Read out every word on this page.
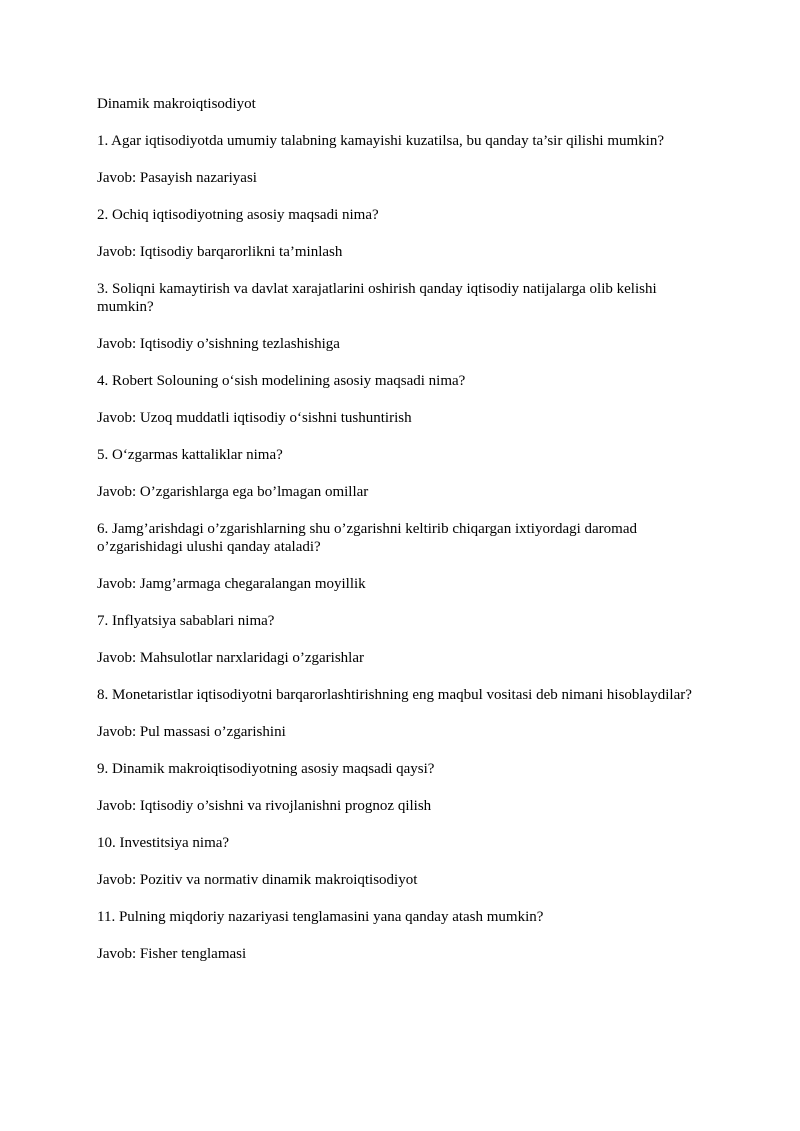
Dinamik makroiqtisodiyot

1. Agar iqtisodiyotda umumiy talabning kamayishi kuzatilsa, bu qanday ta’sir qilishi mumkin?

Javob: Pasayish nazariyasi

2. Ochiq iqtisodiyotning asosiy maqsadi nima?

Javob: Iqtisodiy barqarorlikni ta’minlash

3. Soliqni kamaytirish va davlat xarajatlarini oshirish qanday iqtisodiy natijalarga olib kelishi mumkin?

Javob: Iqtisodiy o’sishning tezlashishiga

4. Robert Solouning o‘sish modelining asosiy maqsadi nima?

Javob: Uzoq muddatli iqtisodiy o‘sishni tushuntirish

5. O‘zgarmas kattaliklar nima?

Javob: O’zgarishlarga ega bo’lmagan omillar

6. Jamg’arishdagi o’zgarishlarning shu o’zgarishni keltirib chiqargan ixtiyordagi daromad o’zgarishidagi ulushi qanday ataladi?

Javob: Jamg’armaga chegaralangan moyillik

7. Inflyatsiya sabablari nima?

Javob: Mahsulotlar narxlaridagi o’zgarishlar

8. Monetaristlar iqtisodiyotni barqarorlashtirishning eng maqbul vositasi deb nimani hisoblaydilar?

Javob: Pul massasi o’zgarishini

9. Dinamik makroiqtisodiyotning asosiy maqsadi qaysi?

Javob: Iqtisodiy o’sishni va rivojlanishni prognoz qilish

10. Investitsiya nima?

Javob: Pozitiv va normativ dinamik makroiqtisodiyot

11. Pulning miqdoriy nazariyasi tenglamasini yana qanday atash mumkin?

Javob: Fisher tenglamasi
